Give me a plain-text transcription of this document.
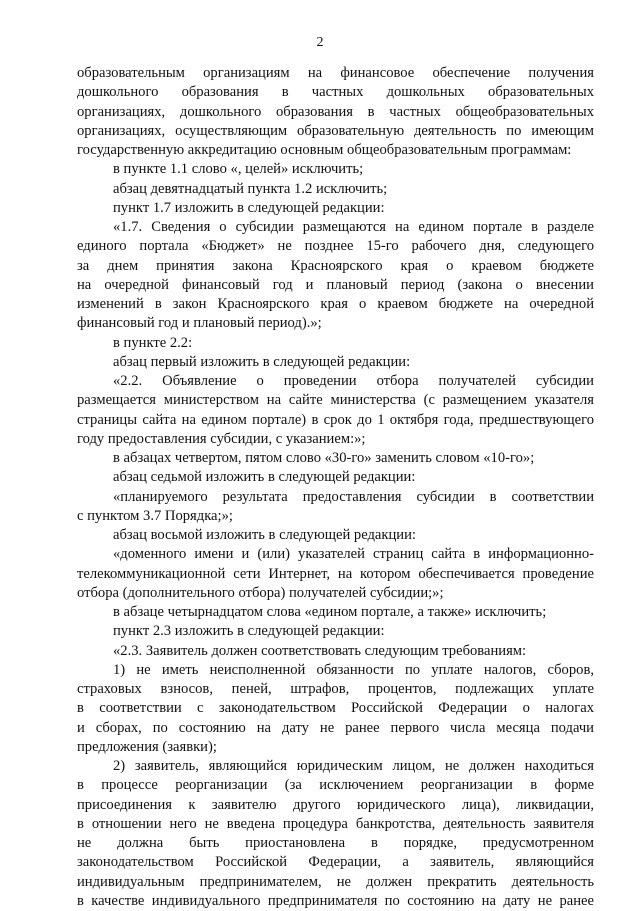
2
образовательным организациям на финансовое обеспечение получения
дошкольного образования в частных дошкольных образовательных
организациях, дошкольного образования в частных общеобразовательных
организациях, осуществляющим образовательную деятельность по имеющим
государственную аккредитацию основным общеобразовательным программам:
в пункте 1.1 слово «, целей» исключить;
абзац девятнадцатый пункта 1.2 исключить;
пункт 1.7 изложить в следующей редакции:
«1.7. Сведения о субсидии размещаются на едином портале в разделе
единого портала «Бюджет» не позднее 15-го рабочего дня, следующего
за днем принятия закона Красноярского края о краевом бюджете
на очередной финансовый год и плановый период (закона о внесении
изменений в закон Красноярского края о краевом бюджете на очередной
финансовый год и плановый период).»;
в пункте 2.2:
абзац первый изложить в следующей редакции:
«2.2. Объявление о проведении отбора получателей субсидии
размещается министерством на сайте министерства (с размещением указателя
страницы сайта на едином портале) в срок до 1 октября года, предшествующего
году предоставления субсидии, с указанием:»;
в абзацах четвертом, пятом слово «30-го» заменить словом «10-го»;
абзац седьмой изложить в следующей редакции:
«планируемого результата предоставления субсидии в соответствии
с пунктом 3.7 Порядка;»;
абзац восьмой изложить в следующей редакции:
«доменного имени и (или) указателей страниц сайта в информационно-
телекоммуникационной сети Интернет, на котором обеспечивается проведение
отбора (дополнительного отбора) получателей субсидии;»;
в абзаце четырнадцатом слова «едином портале, а также» исключить;
пункт 2.3 изложить в следующей редакции:
«2.3. Заявитель должен соответствовать следующим требованиям:
1) не иметь неисполненной обязанности по уплате налогов, сборов,
страховых взносов, пеней, штрафов, процентов, подлежащих уплате
в соответствии с законодательством Российской Федерации о налогах
и сборах, по состоянию на дату не ранее первого числа месяца подачи
предложения (заявки);
2) заявитель, являющийся юридическим лицом, не должен находиться
в процессе реорганизации (за исключением реорганизации в форме
присоединения к заявителю другого юридического лица), ликвидации,
в отношении него не введена процедура банкротства, деятельность заявителя
не должна быть приостановлена в порядке, предусмотренном
законодательством Российской Федерации, а заявитель, являющийся
индивидуальным предпринимателем, не должен прекратить деятельность
в качестве индивидуального предпринимателя по состоянию на дату не ранее
